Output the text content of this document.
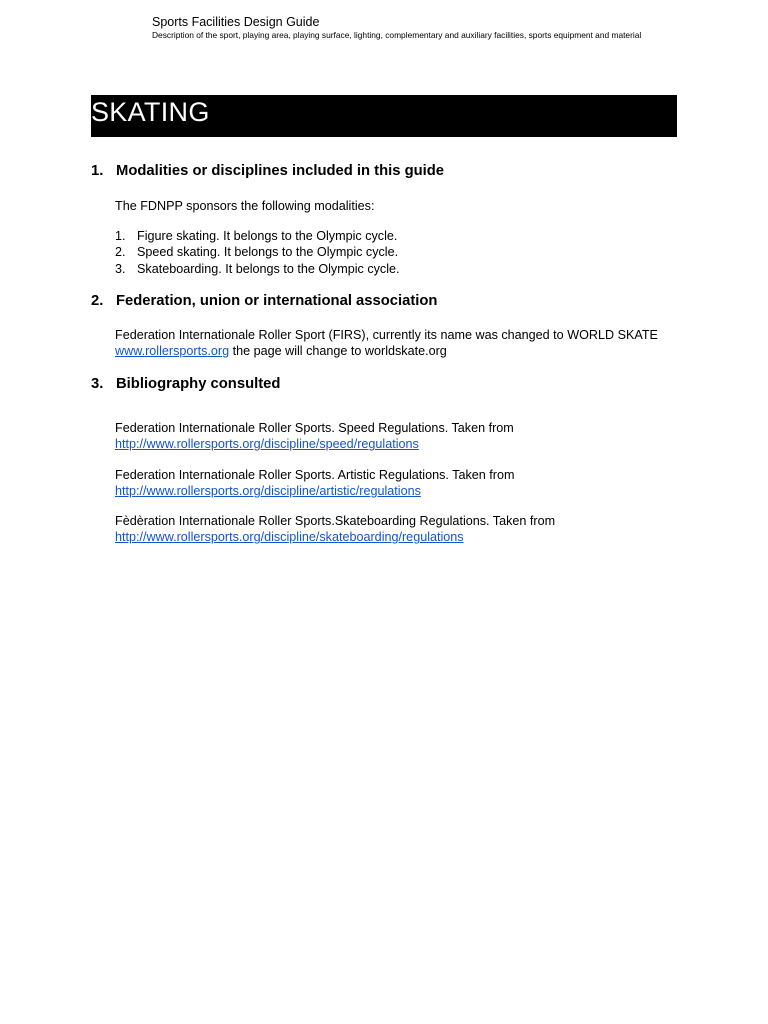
Sports Facilities Design Guide
Description of the sport, playing area, playing surface, lighting, complementary and auxiliary facilities, sports equipment and material
SKATING
1. Modalities or disciplines included in this guide
The FDNPP sponsors the following modalities:
1. Figure skating. It belongs to the Olympic cycle.
2. Speed skating. It belongs to the Olympic cycle.
3. Skateboarding. It belongs to the Olympic cycle.
2. Federation, union or international association
Federation Internationale Roller Sport (FIRS), currently its name was changed to WORLD SKATE
www.rollersports.org the page will change to worldskate.org
3. Bibliography consulted
Federation Internationale Roller Sports. Speed Regulations. Taken from
http://www.rollersports.org/discipline/speed/regulations
Federation Internationale Roller Sports. Artistic Regulations. Taken from
http://www.rollersports.org/discipline/artistic/regulations
Fèdèration Internationale Roller Sports.Skateboarding Regulations. Taken from
http://www.rollersports.org/discipline/skateboarding/regulations
